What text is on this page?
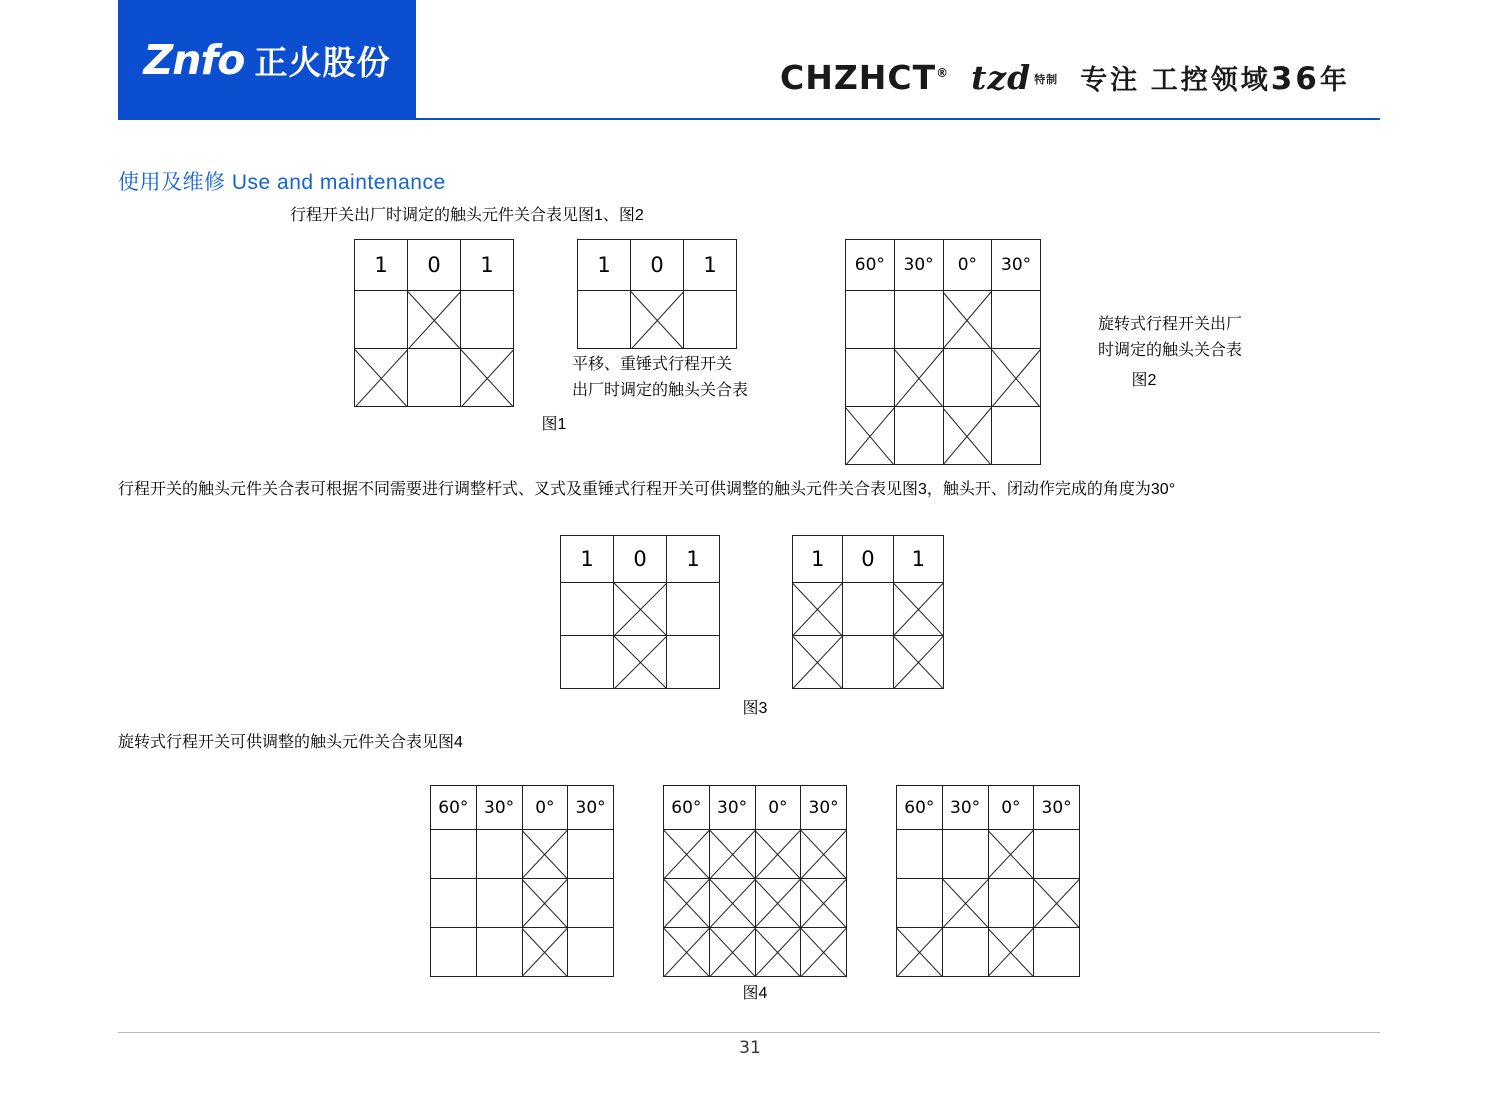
Znfo 正火股份	CHZHCT® tzd 特制 专注 工控领域36年
使用及维修 Use and maintenance
行程开关出厂时调定的触头元件关合表见图1、图2
1	0	1

图1
1	0	1

平移、重锤式行程开关
出厂时调定的触头关合表
60°	30°	0°	30°

旋转式行程开关出厂
时调定的触头关合表
图2
行程开关的触头元件关合表可根据不同需要进行调整杆式、叉式及重锤式行程开关可供调整的触头元件关合表见图3，触头开、闭动作完成的角度为30°
1	0	1

			1	0	1

图3
旋转式行程开关可供调整的触头元件关合表见图4
60°	30°	0°	30°

				60°	30°	0°	30°

				60°	30°	0°	30°

图4
31
